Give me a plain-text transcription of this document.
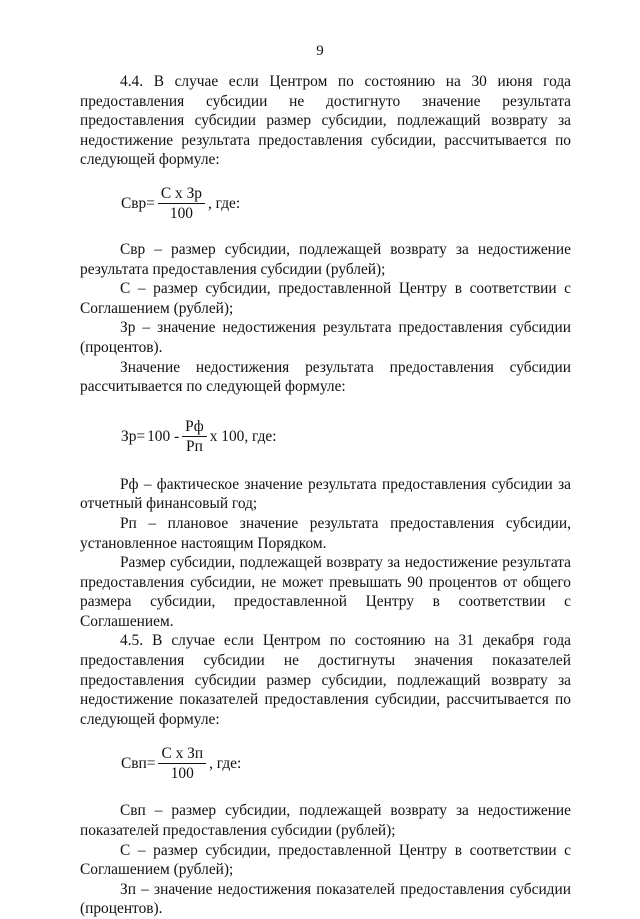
9

4.4. В случае если Центром по состоянию на 30 июня года предоставления субсидии не достигнуто значение результата предоставления субсидии размер субсидии, подлежащий возврату за недостижение результата предоставления субсидии, рассчитывается по следующей формуле:

Свр = $\frac{\text{С х Зр}}{100}$ , где:

Свр – размер субсидии, подлежащей возврату за недостижение результата предоставления субсидии (рублей);

С – размер субсидии, предоставленной Центру в соответствии с Соглашением (рублей);

Зр – значение недостижения результата предоставления субсидии (процентов).

Значение недостижения результата предоставления субсидии рассчитывается по следующей формуле:

Зр = $100 - \frac{Рф}{Рп}$ х 100, где:

Рф – фактическое значение результата предоставления субсидии за отчетный финансовый год;

Рп – плановое значение результата предоставления субсидии, установленное настоящим Порядком.

Размер субсидии, подлежащей возврату за недостижение результата предоставления субсидии, не может превышать 90 процентов от общего размера субсидии, предоставленной Центру в соответствии с Соглашением.

4.5. В случае если Центром по состоянию на 31 декабря года предоставления субсидии не достигнуты значения показателей предоставления субсидии размер субсидии, подлежащий возврату за недостижение показателей предоставления субсидии, рассчитывается по следующей формуле:

Свп = $\frac{\text{С х Зп}}{100}$ , где:

Свп – размер субсидии, подлежащей возврату за недостижение показателей предоставления субсидии (рублей);

С – размер субсидии, предоставленной Центру в соответствии с Соглашением (рублей);

Зп – значение недостижения показателей предоставления субсидии (процентов).
